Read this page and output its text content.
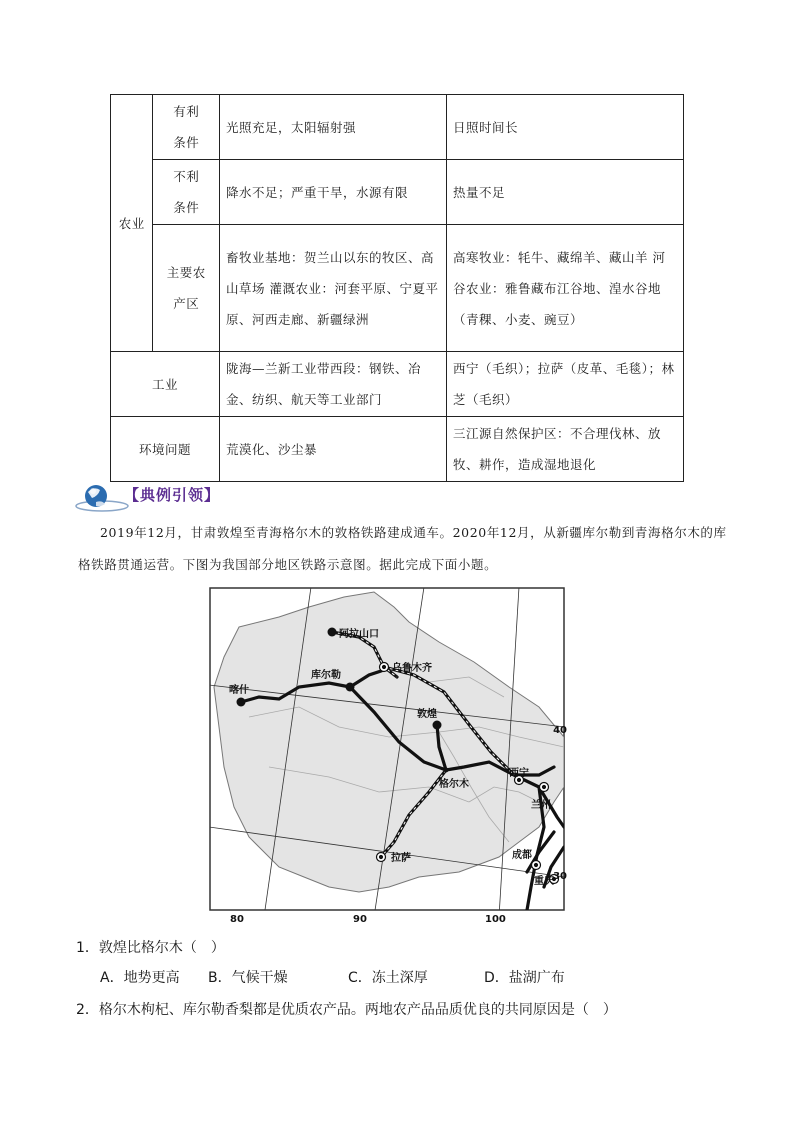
农业	有利条件	光照充足，太阳辐射强	日照时间长
	不利条件	降水不足；严重干旱，水源有限	热量不足
	主要农产区	畜牧业基地：贺兰山以东的牧区、高山草场 灌溉农业：河套平原、宁夏平原、河西走廊、新疆绿洲	高寒牧业：牦牛、藏绵羊、藏山羊 河谷农业：雅鲁藏布江谷地、湟水谷地（青稞、小麦、豌豆）
工业		陇海—兰新工业带西段：钢铁、冶金、纺织、航天等工业部门	西宁（毛织）；拉萨（皮革、毛毯）；林芝（毛织）
环境问题		荒漠化、沙尘暴	三江源自然保护区：不合理伐林、放牧、耕作，造成湿地退化
【典例引领】
2019年12月，甘肃敦煌至青海格尔木的敦格铁路建成通车。2020年12月，从新疆库尔勒到青海格尔木的库格铁路贯通运营。下图为我国部分地区铁路示意图。据此完成下面小题。
阿拉山口
乌鲁木齐
库尔勒
喀什
敦煌
格尔木
西宁
兰州
拉萨	成都
重庆
40
30
80	90	100
1．敦煌比格尔木（　）
A．地势更高 B．气候干燥	C．冻土深厚	D．盐湖广布
2．格尔木枸杞、库尔勒香梨都是优质农产品。两地农产品品质优良的共同原因是（　）
